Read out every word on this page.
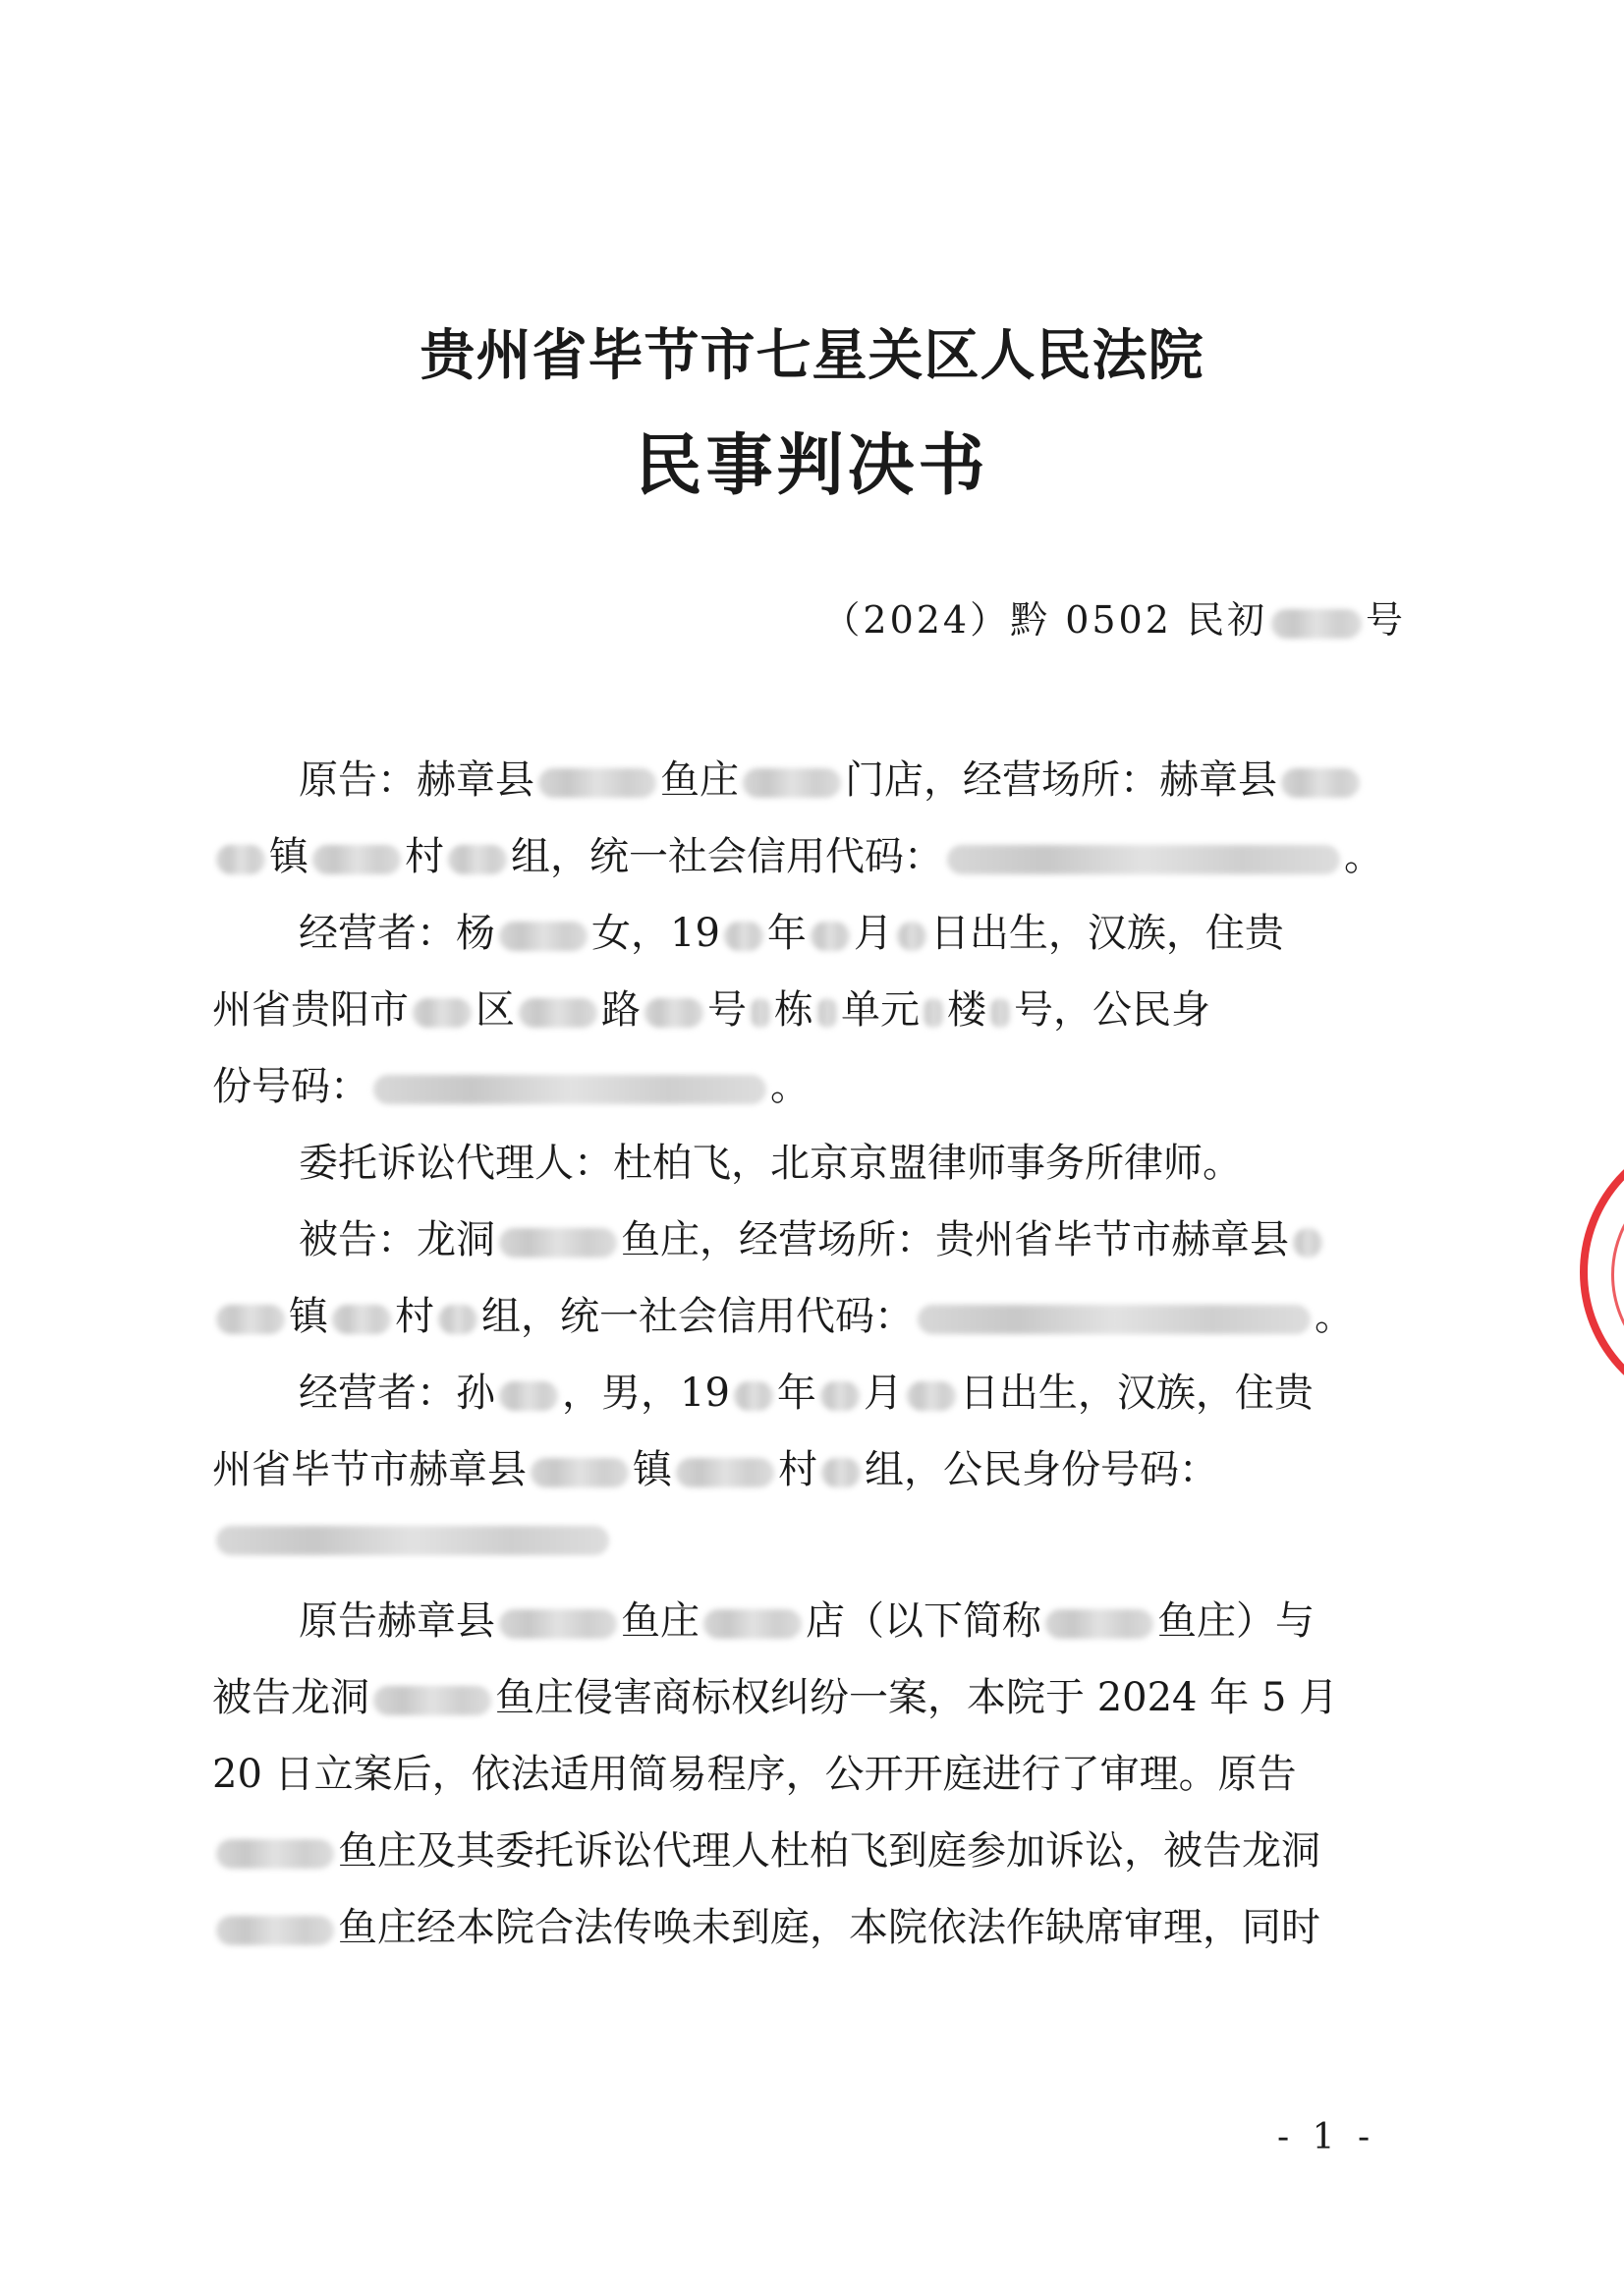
贵州省毕节市七星关区人民法院
民事判决书
（2024）黔 0502 民初	号
原告：赫章县	鱼庄	门店，经营场所：赫章县
镇 村 组，统一社会信用代码：	。
经营者：杨 女，19 年 月 日出生，汉族，住贵
州省贵阳市 区 路 号 栋 单元 楼 号，公民身
份号码：	。
委托诉讼代理人：杜柏飞，北京京盟律师事务所律师。
被告：龙洞	鱼庄，经营场所：贵州省毕节市赫章县
镇 村 组，统一社会信用代码：	。
经营者：孙 ，男，19 年 月 日出生，汉族，住贵
州省毕节市赫章县	镇	村 组，公民身份号码：
原告赫章县	鱼庄	店（以下简称	鱼庄）与
被告龙洞	鱼庄侵害商标权纠纷一案，本院于 2024 年 5 月
20 日立案后，依法适用简易程序，公开开庭进行了审理。原告
鱼庄及其委托诉讼代理人杜柏飞到庭参加诉讼，被告龙洞
鱼庄经本院合法传唤未到庭，本院依法作缺席审理，同时
- 1 -
